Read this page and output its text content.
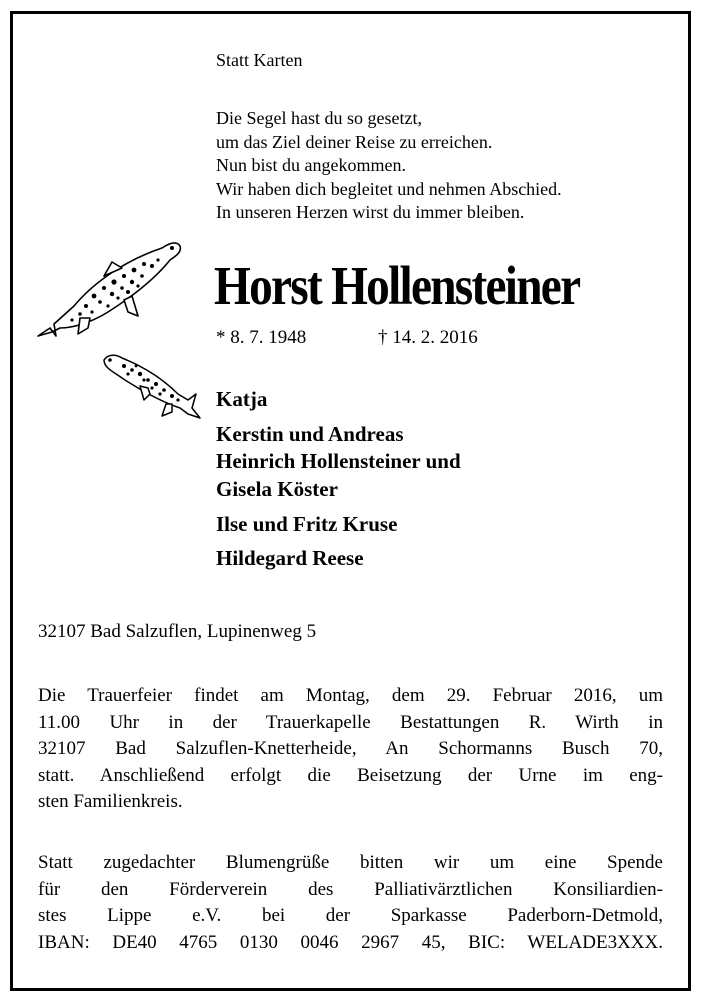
Statt Karten
Die Segel hast du so gesetzt,
um das Ziel deiner Reise zu erreichen.
Nun bist du angekommen.
Wir haben dich begleitet und nehmen Abschied.
In unseren Herzen wirst du immer bleiben.
Horst Hollensteiner
* 8. 7. 1948	† 14. 2. 2016
Katja
Kerstin und Andreas
Heinrich Hollensteiner und
Gisela Köster
Ilse und Fritz Kruse
Hildegard Reese
32107 Bad Salzuflen, Lupinenweg 5
Die Trauerfeier findet am Montag, dem 29. Februar 2016, um
11.00 Uhr in der Trauerkapelle Bestattungen R. Wirth in
32107 Bad Salzuflen-Knetterheide, An Schormanns Busch 70,
statt. Anschließend erfolgt die Beisetzung der Urne im eng-
sten Familienkreis.
Statt zugedachter Blumengrüße bitten wir um eine Spende
für den Förderverein des Palliativärztlichen Konsiliardien-
stes Lippe e.V. bei der Sparkasse Paderborn-Detmold,
IBAN: DE40 4765 0130 0046 2967 45, BIC: WELADE3XXX.
